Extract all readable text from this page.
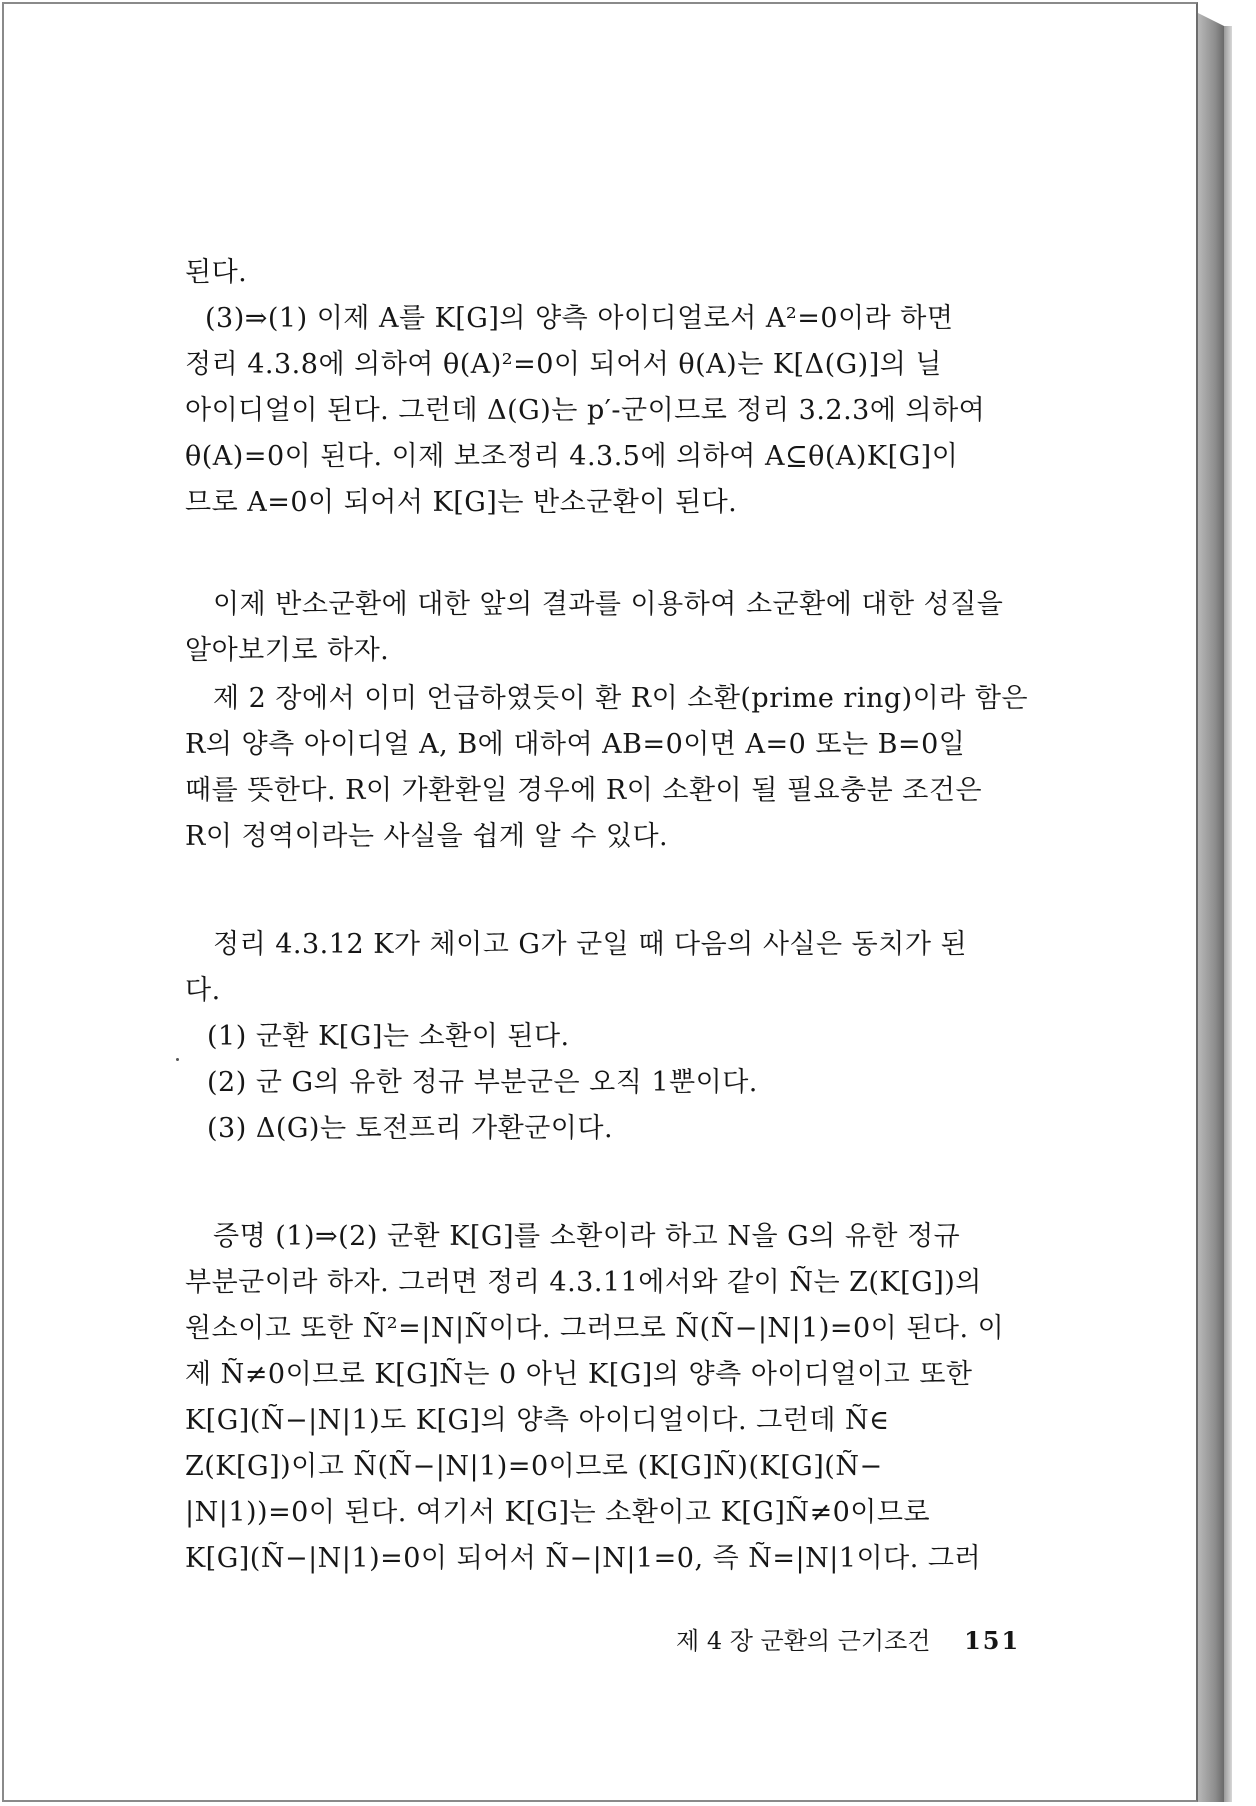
된다.

(3)⇒(1) 이제 A를 K[G]의 양측 아이디얼로서 A²=0이라 하면
정리 4.3.8에 의하여 θ(A)²=0이 되어서 θ(A)는 K[Δ(G)]의 닐
아이디얼이 된다. 그런데 Δ(G)는 p′-군이므로 정리 3.2.3에 의하여
θ(A)=0이 된다. 이제 보조정리 4.3.5에 의하여 A⊆θ(A)K[G]이
므로 A=0이 되어서 K[G]는 반소군환이 된다.

이제 반소군환에 대한 앞의 결과를 이용하여 소군환에 대한 성질을
알아보기로 하자.

제 2 장에서 이미 언급하였듯이 환 R이 소환(prime ring)이라 함은
R의 양측 아이디얼 A, B에 대하여 AB=0이면 A=0 또는 B=0일
때를 뜻한다. R이 가환환일 경우에 R이 소환이 될 필요충분 조건은
R이 정역이라는 사실을 쉽게 알 수 있다.

정리 4.3.12 K가 체이고 G가 군일 때 다음의 사실은 동치가 된
다.
(1) 군환 K[G]는 소환이 된다.
(2) 군 G의 유한 정규 부분군은 오직 1뿐이다.
(3) Δ(G)는 토전프리 가환군이다.

증명 (1)⇒(2) 군환 K[G]를 소환이라 하고 N을 G의 유한 정규
부분군이라 하자. 그러면 정리 4.3.11에서와 같이 Ñ는 Z(K[G])의
원소이고 또한 Ñ²=|N|Ñ이다. 그러므로 Ñ(Ñ−|N|1)=0이 된다. 이
제 Ñ≠0이므로 K[G]Ñ는 0 아닌 K[G]의 양측 아이디얼이고 또한
K[G](Ñ−|N|1)도 K[G]의 양측 아이디얼이다. 그런데 Ñ∈
Z(K[G])이고 Ñ(Ñ−|N|1)=0이므로 (K[G]Ñ)(K[G](Ñ−
|N|1))=0이 된다. 여기서 K[G]는 소환이고 K[G]Ñ≠0이므로
K[G](Ñ−|N|1)=0이 되어서 Ñ−|N|1=0, 즉 Ñ=|N|1이다. 그러

제 4 장 군환의 근기조건 151
